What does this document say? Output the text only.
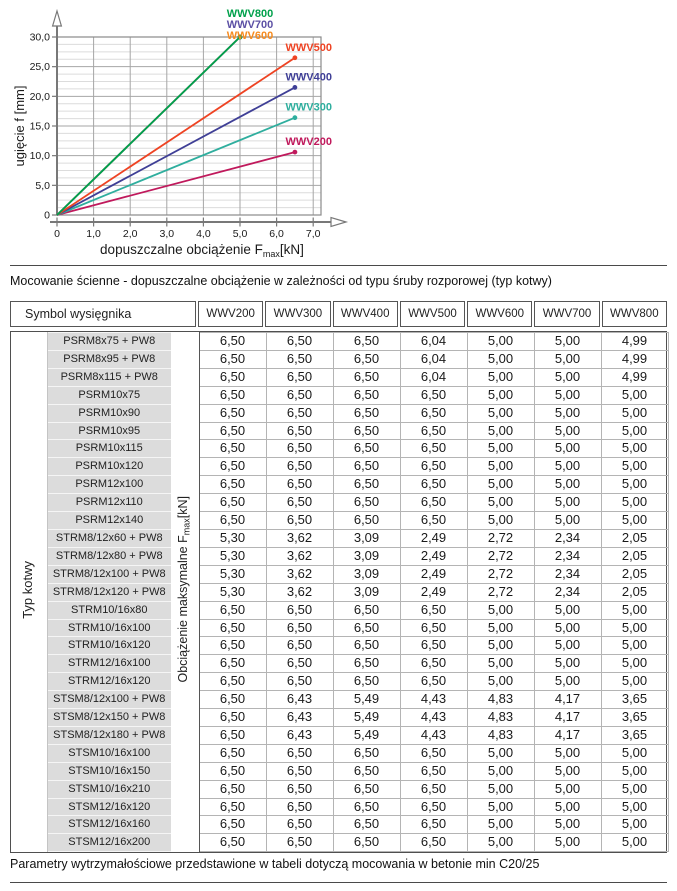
0	1,0 2,0 3,0 4,0 5,0 6,0 7,0
0
5,0
10,0
15,0
20,0
25,0
30,0
ugięcie f [mm]
dopuszczalne obciążenie $F_{max}[kN]$
WWV800
WWV700
WWV600
WWV200
WWV300
WWV400
WWV500
Mocowanie ścienne - dopuszczalne obciążenie w zależności od typu śruby rozporowej (typ kotwy)
Symbol wysięgnika	WWV200	WWV300	WWV400	WWV500	WWV600	WWV700	WWV800
Typ kotwy	PSRM8x75 + PW8	Obciążenie maksymalne $F_{max}[kN]$	6,50	6,50	6,50	6,04	5,00	5,00	4,99
	PSRM8x95 + PW8		6,50	6,50	6,50	6,04	5,00	5,00	4,99
	PSRM8x115 + PW8		6,50	6,50	6,50	6,04	5,00	5,00	4,99
	PSRM10x75		6,50	6,50	6,50	6,50	5,00	5,00	5,00
	PSRM10x90		6,50	6,50	6,50	6,50	5,00	5,00	5,00
	PSRM10x95		6,50	6,50	6,50	6,50	5,00	5,00	5,00
	PSRM10x115		6,50	6,50	6,50	6,50	5,00	5,00	5,00
	PSRM10x120		6,50	6,50	6,50	6,50	5,00	5,00	5,00
	PSRM12x100		6,50	6,50	6,50	6,50	5,00	5,00	5,00
	PSRM12x110		6,50	6,50	6,50	6,50	5,00	5,00	5,00
	PSRM12x140		6,50	6,50	6,50	6,50	5,00	5,00	5,00
	STRM8/12x60 + PW8		5,30	3,62	3,09	2,49	2,72	2,34	2,05
	STRM8/12x80 + PW8		5,30	3,62	3,09	2,49	2,72	2,34	2,05
	STRM8/12x100 + PW8		5,30	3,62	3,09	2,49	2,72	2,34	2,05
	STRM8/12x120 + PW8		5,30	3,62	3,09	2,49	2,72	2,34	2,05
	STRM10/16x80		6,50	6,50	6,50	6,50	5,00	5,00	5,00
	STRM10/16x100		6,50	6,50	6,50	6,50	5,00	5,00	5,00
	STRM10/16x120		6,50	6,50	6,50	6,50	5,00	5,00	5,00
	STRM12/16x100		6,50	6,50	6,50	6,50	5,00	5,00	5,00
	STRM12/16x120		6,50	6,50	6,50	6,50	5,00	5,00	5,00
	STSM8/12x100 + PW8		6,50	6,43	5,49	4,43	4,83	4,17	3,65
	STSM8/12x150 + PW8		6,50	6,43	5,49	4,43	4,83	4,17	3,65
	STSM8/12x180 + PW8		6,50	6,43	5,49	4,43	4,83	4,17	3,65
	STSM10/16x100		6,50	6,50	6,50	6,50	5,00	5,00	5,00
	STSM10/16x150		6,50	6,50	6,50	6,50	5,00	5,00	5,00
	STSM10/16x210		6,50	6,50	6,50	6,50	5,00	5,00	5,00
	STSM12/16x120		6,50	6,50	6,50	6,50	5,00	5,00	5,00
	STSM12/16x160		6,50	6,50	6,50	6,50	5,00	5,00	5,00
	STSM12/16x200		6,50	6,50	6,50	6,50	5,00	5,00	5,00
Parametry wytrzymałościowe przedstawione w tabeli dotyczą mocowania w betonie min C20/25
